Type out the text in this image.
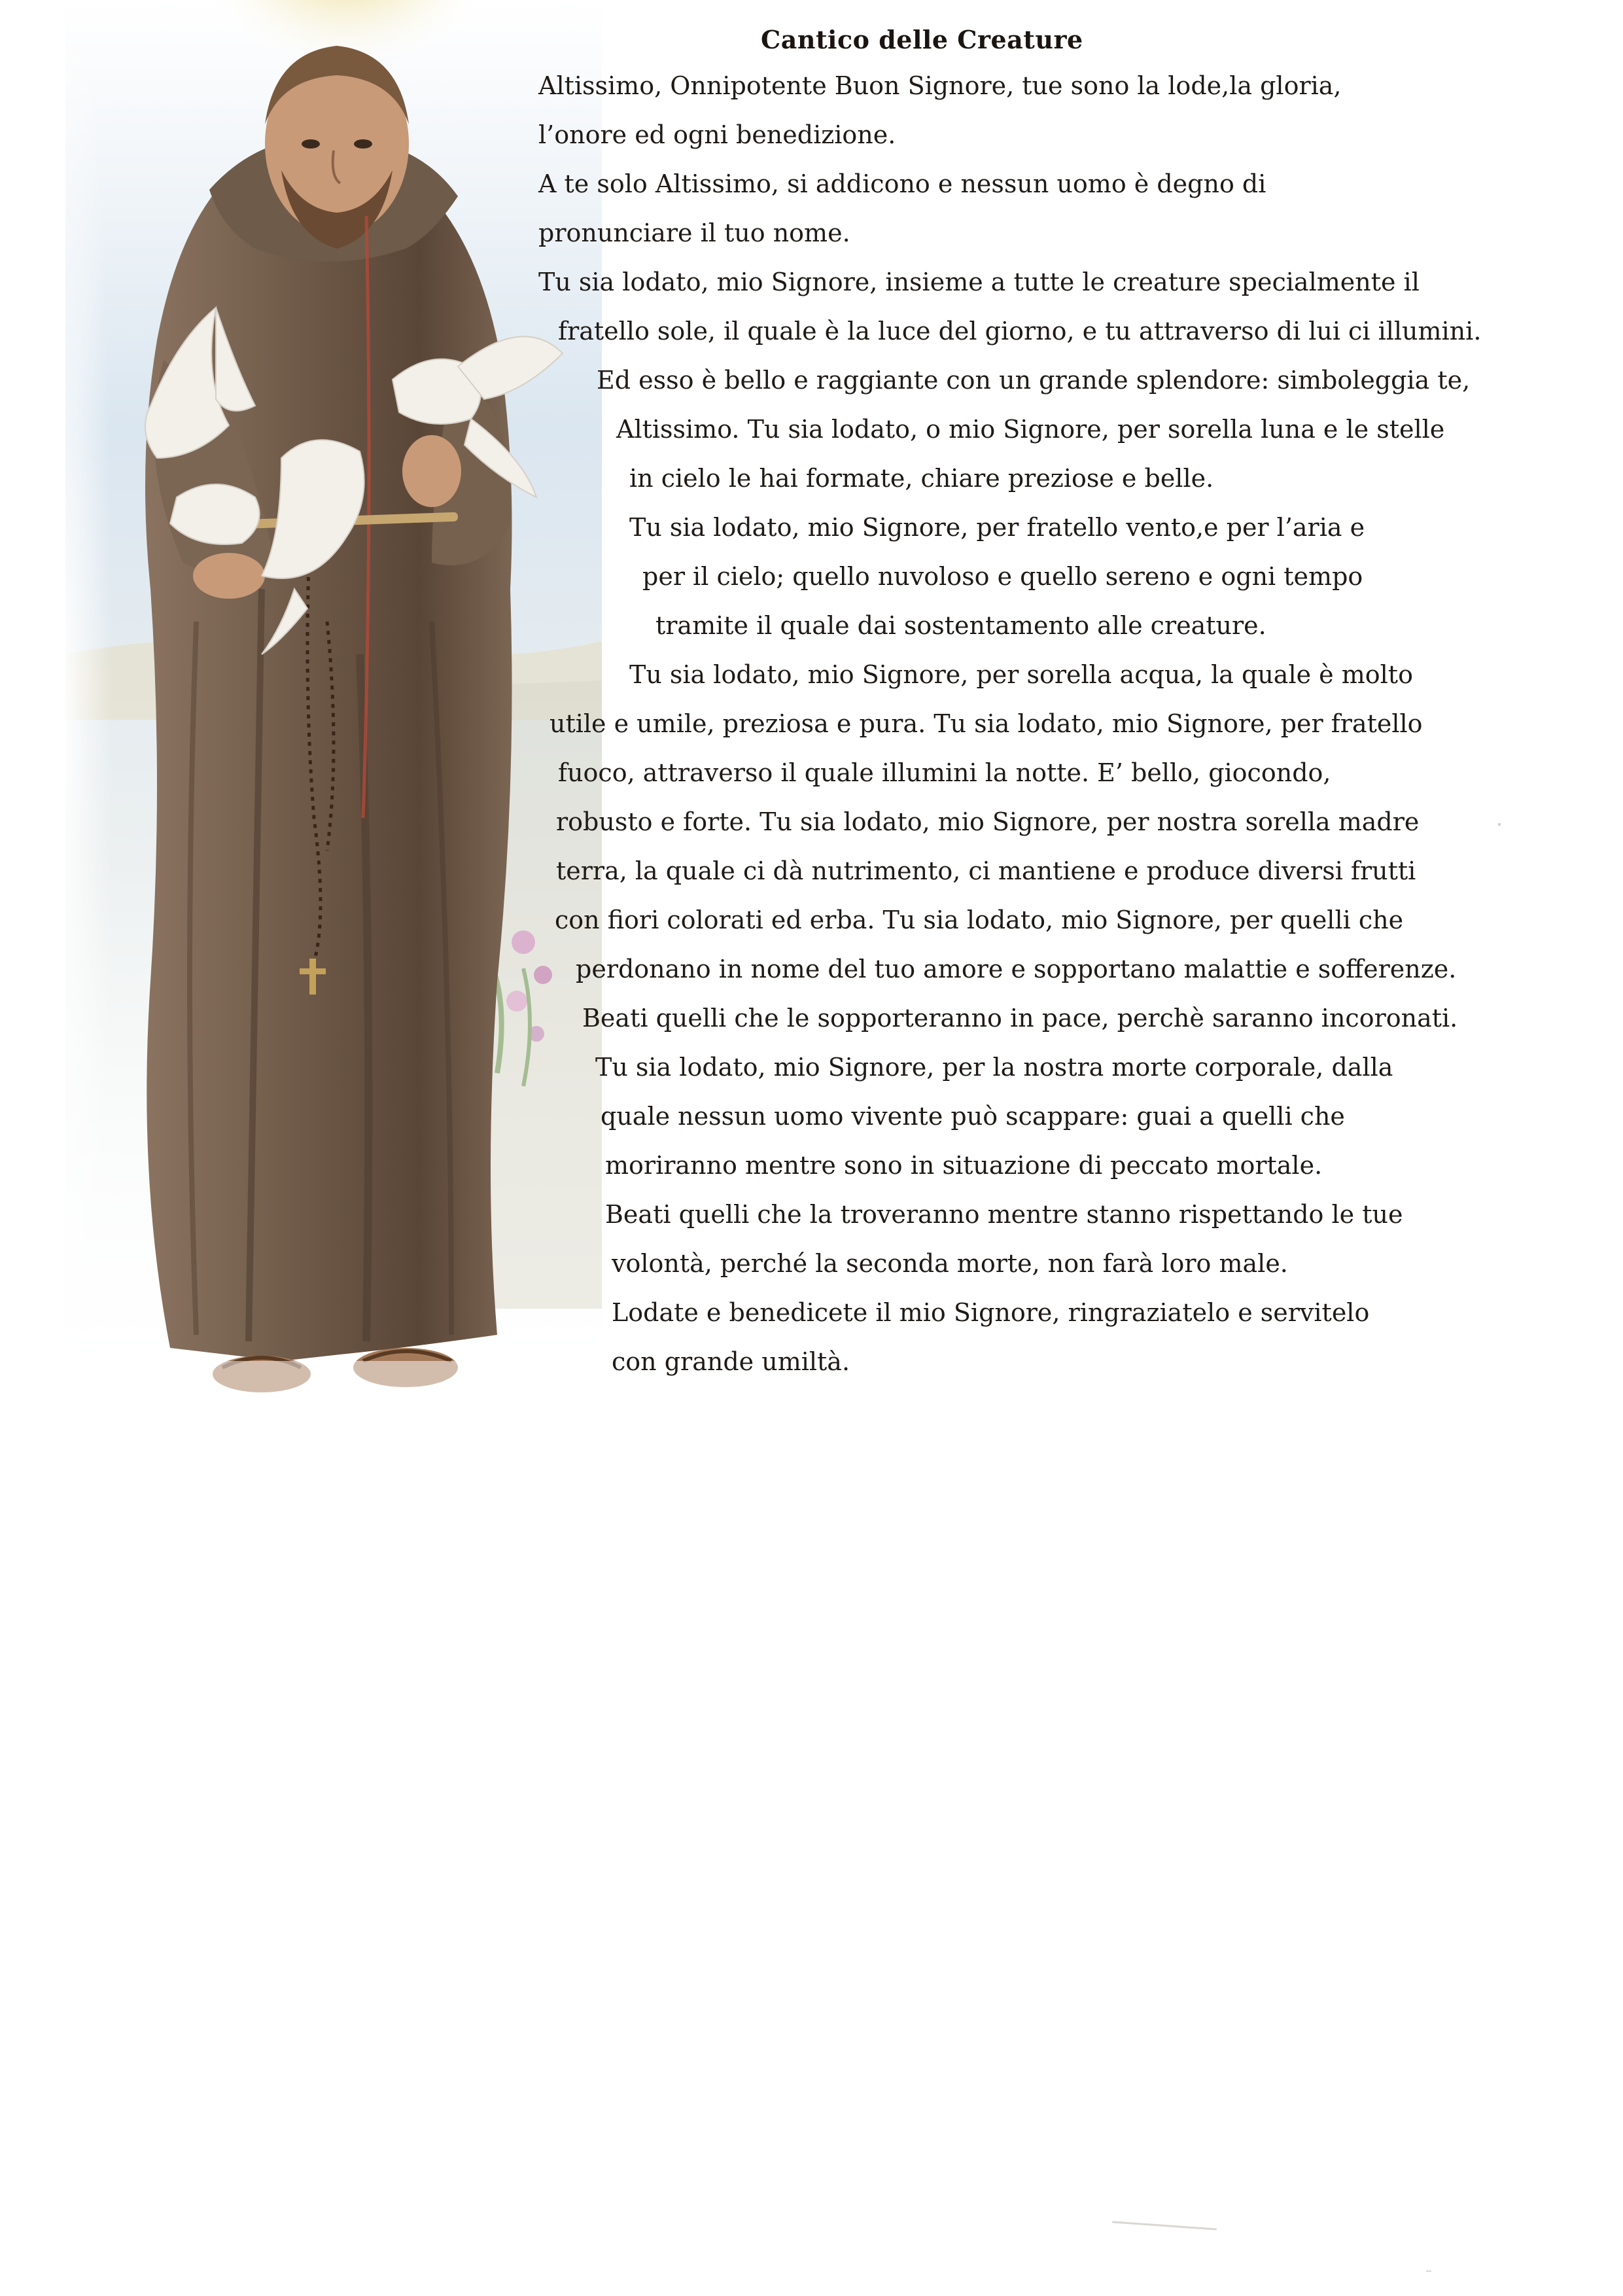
Cantico delle Creature
Altissimo, Onnipotente Buon Signore, tue sono la lode,la gloria,
l’onore ed ogni benedizione.
A te solo Altissimo, si addicono e nessun uomo è degno di
pronunciare il tuo nome.
Tu sia lodato, mio Signore, insieme a tutte le creature specialmente il
fratello sole, il quale è la luce del giorno, e tu attraverso di lui ci illumini.
Ed esso è bello e raggiante con un grande splendore: simboleggia te,
Altissimo. Tu sia lodato, o mio Signore, per sorella luna e le stelle
in cielo le hai formate, chiare preziose e belle.
Tu sia lodato, mio Signore, per fratello vento,e per l’aria e
per il cielo; quello nuvoloso e quello sereno e ogni tempo
tramite il quale dai sostentamento alle creature.
Tu sia lodato, mio Signore, per sorella acqua, la quale è molto
utile e umile, preziosa e pura. Tu sia lodato, mio Signore, per fratello
fuoco, attraverso il quale illumini la notte. E’ bello, giocondo,
robusto e forte. Tu sia lodato, mio Signore, per nostra sorella madre
terra, la quale ci dà nutrimento, ci mantiene e produce diversi frutti
con fiori colorati ed erba. Tu sia lodato, mio Signore, per quelli che
perdonano in nome del tuo amore e sopportano malattie e sofferenze.
Beati quelli che le sopporteranno in pace, perchè saranno incoronati.
Tu sia lodato, mio Signore, per la nostra morte corporale, dalla
quale nessun uomo vivente può scappare: guai a quelli che
moriranno mentre sono in situazione di peccato mortale.
Beati quelli che la troveranno mentre stanno rispettando le tue
volontà, perché la seconda morte, non farà loro male.
Lodate e benedicete il mio Signore, ringraziatelo e servitelo
con grande umiltà.
